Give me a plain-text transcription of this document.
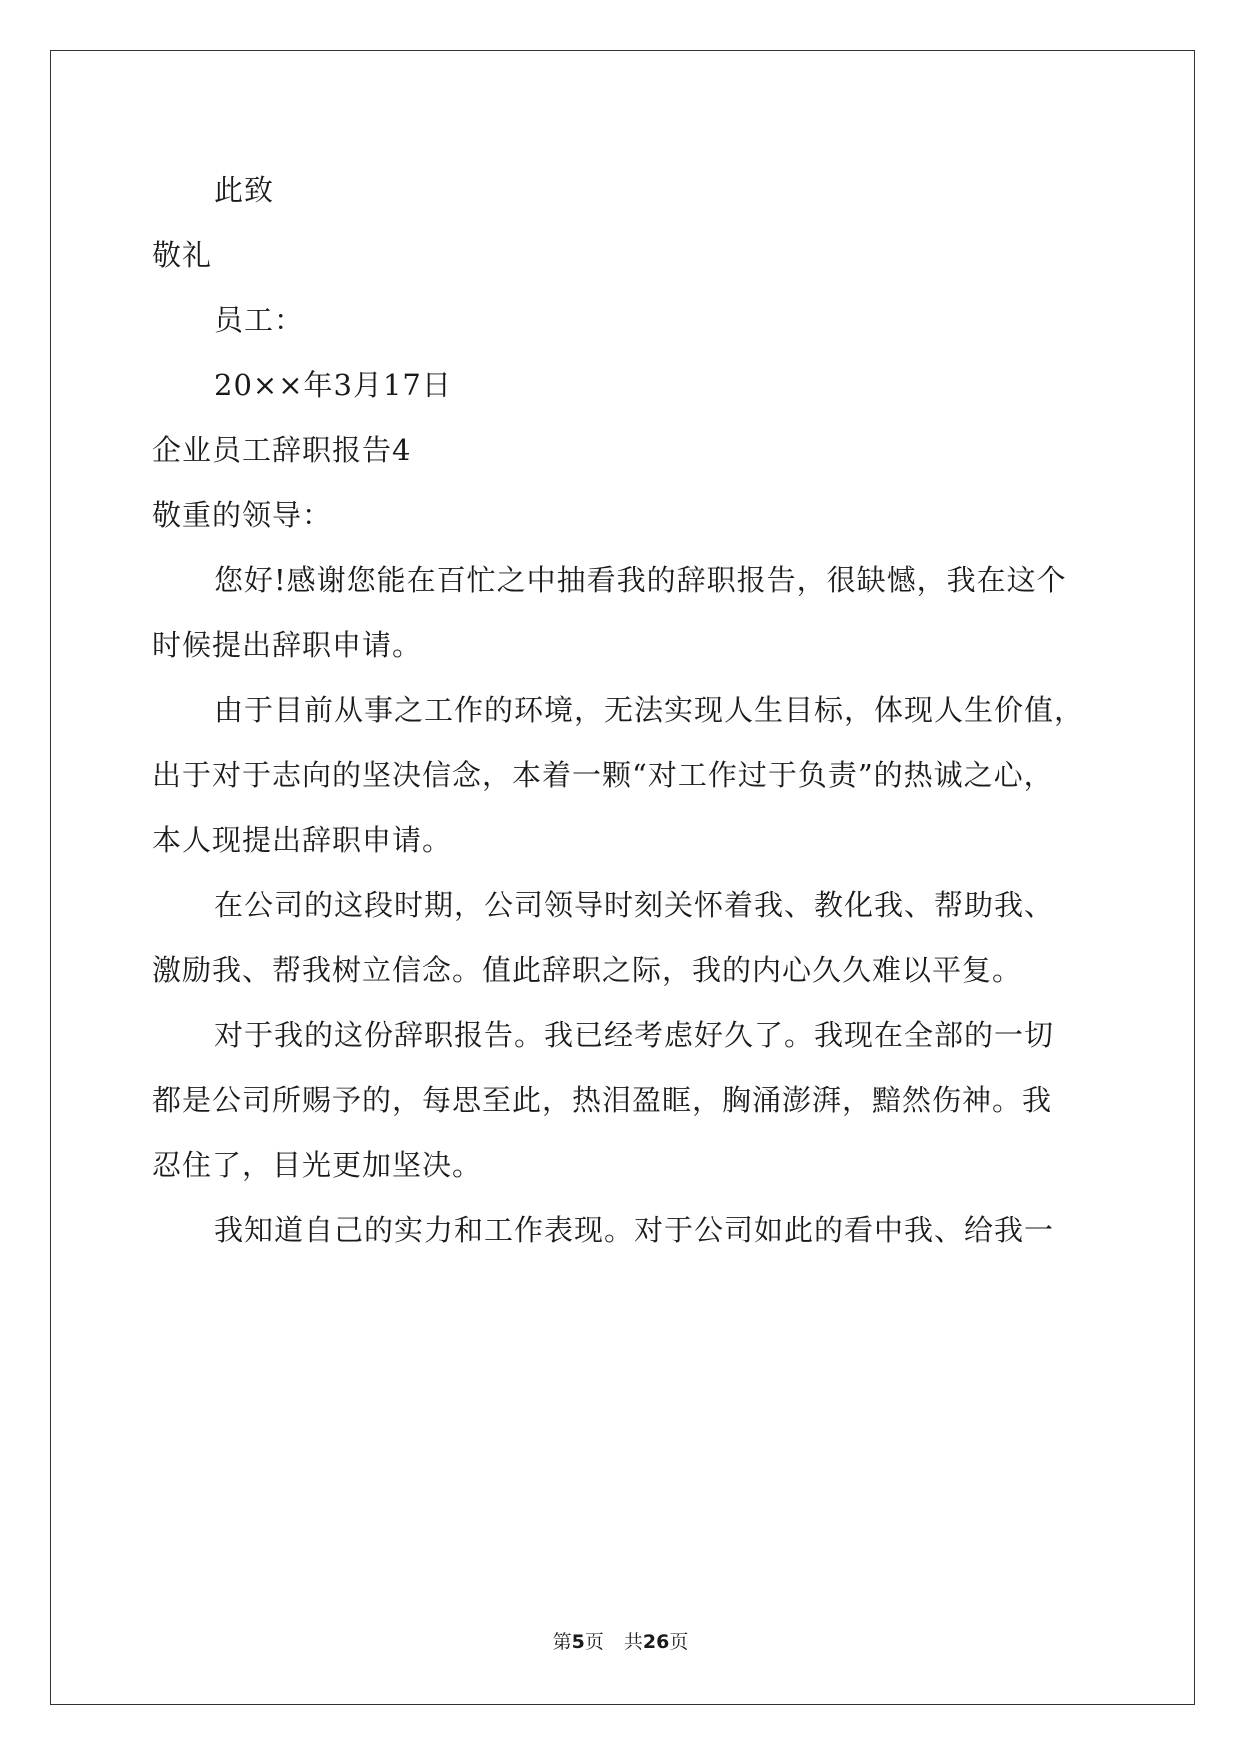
此致
敬礼
员工：
20××年3月17日
企业员工辞职报告4
敬重的领导：
您好!感谢您能在百忙之中抽看我的辞职报告，很缺憾，我在这个
时候提出辞职申请。
由于目前从事之工作的环境，无法实现人生目标，体现人生价值，
出于对于志向的坚决信念，本着一颗“对工作过于负责”的热诚之心，
本人现提出辞职申请。
在公司的这段时期，公司领导时刻关怀着我、教化我、帮助我、
激励我、帮我树立信念。值此辞职之际，我的内心久久难以平复。
对于我的这份辞职报告。我已经考虑好久了。我现在全部的一切
都是公司所赐予的，每思至此，热泪盈眶，胸涌澎湃，黯然伤神。我
忍住了，目光更加坚决。
我知道自己的实力和工作表现。对于公司如此的看中我、给我一
第5页 共26页
